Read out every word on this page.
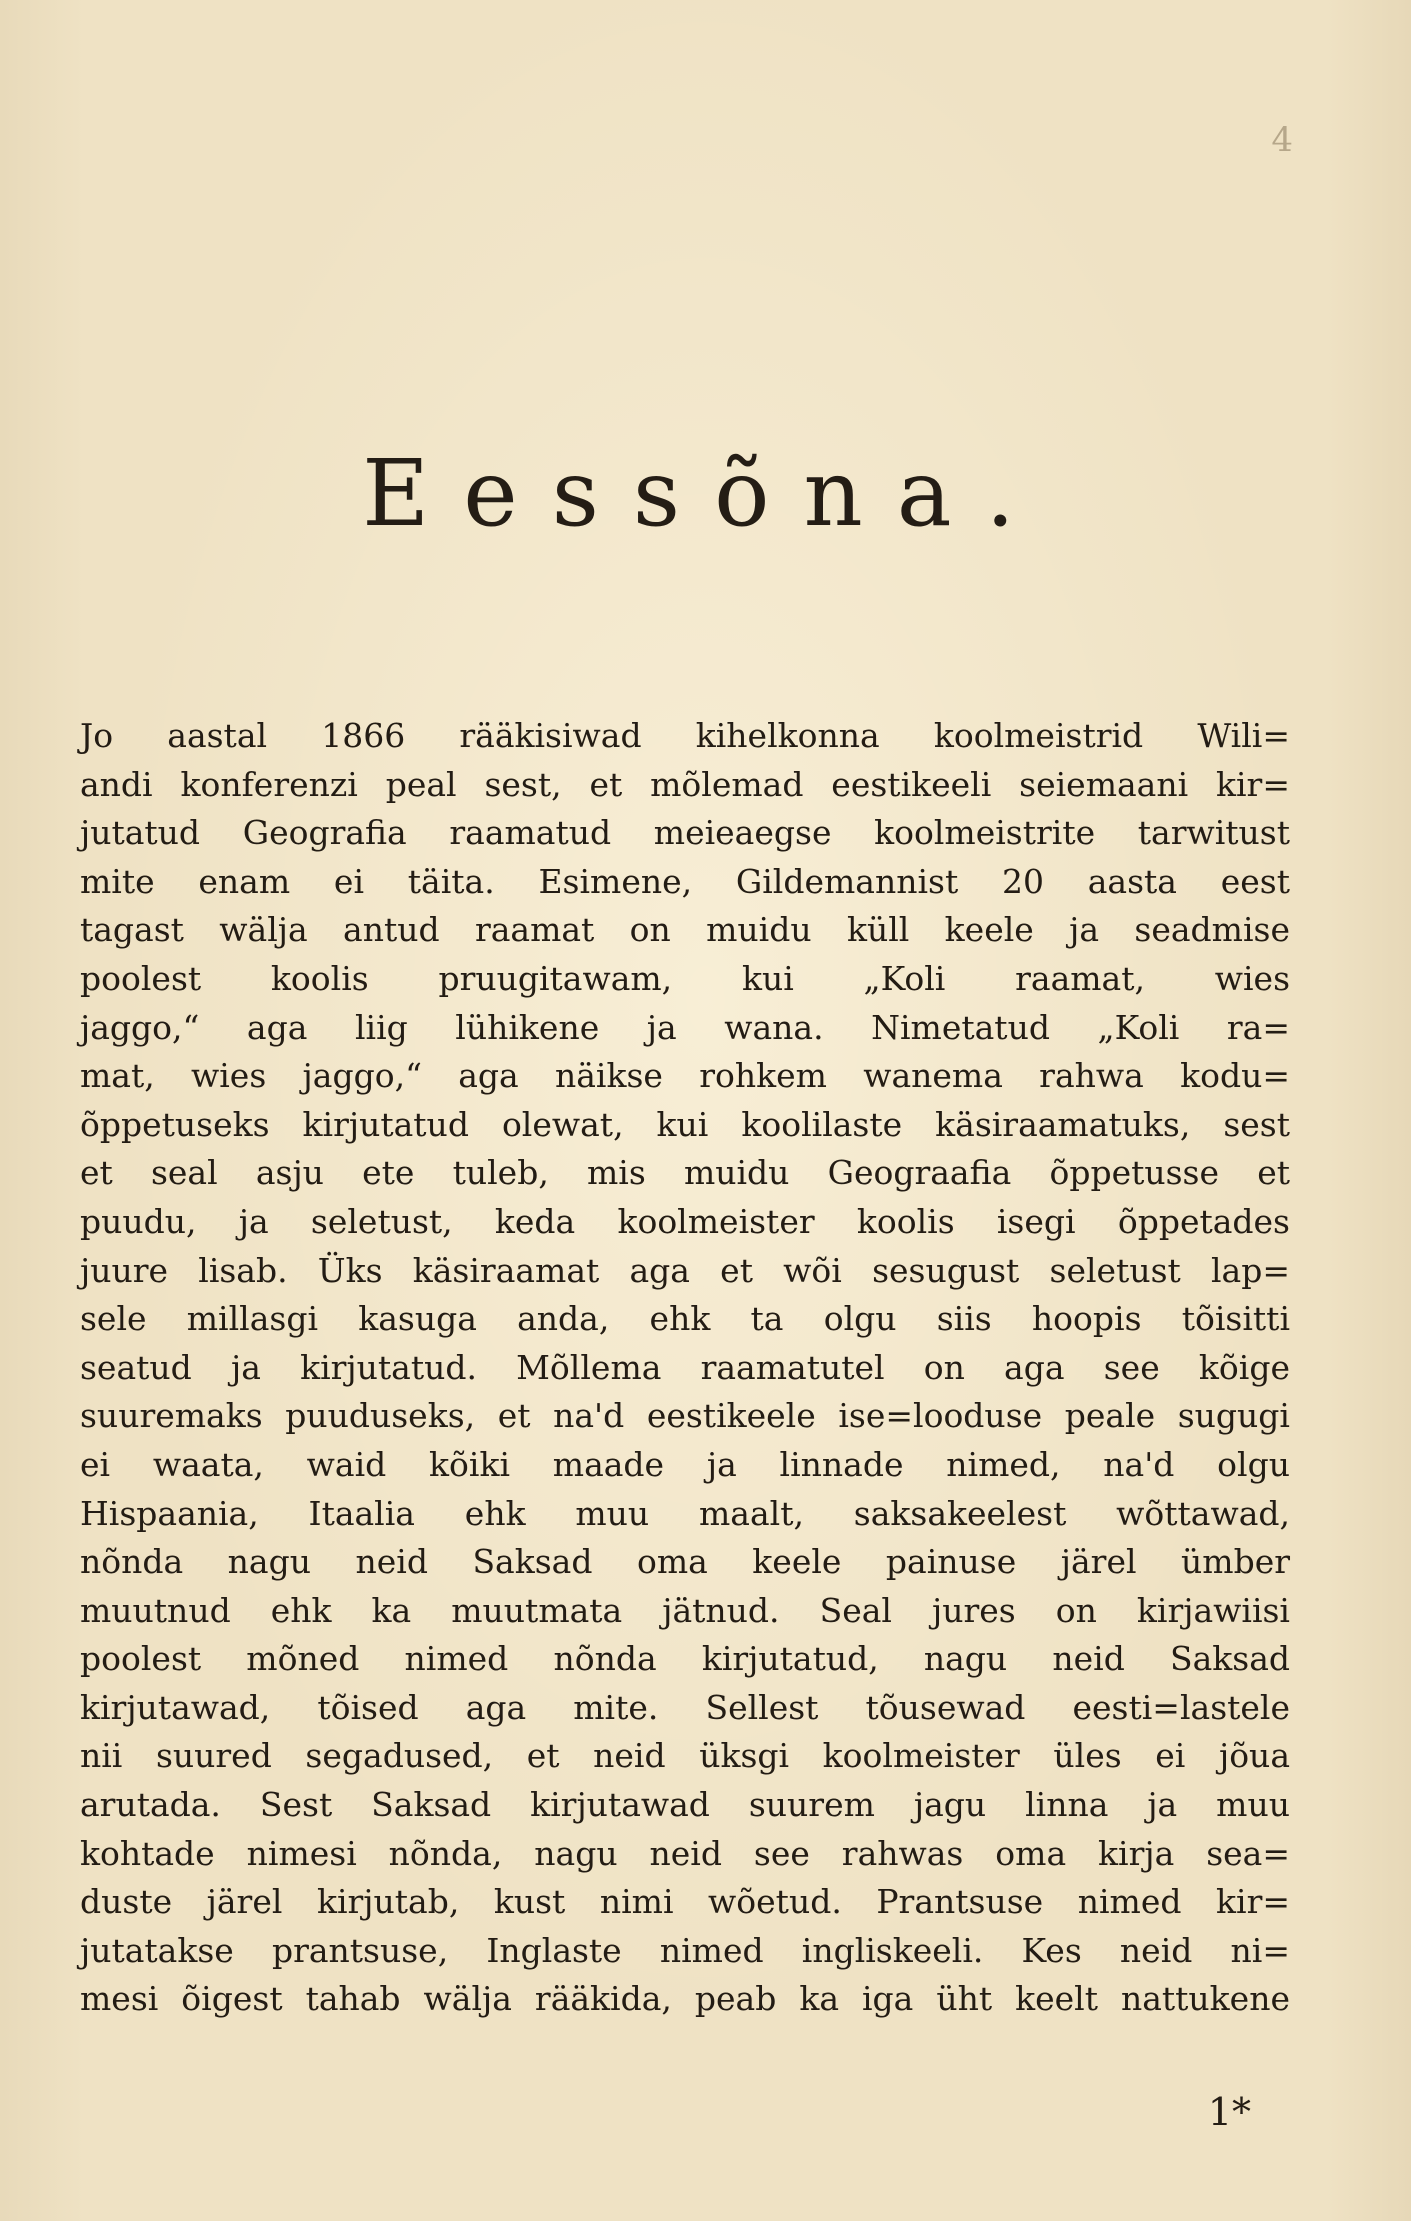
4
Eessõna.
Jo aastal 1866 rääkisiwad kihelkonna koolmeistrid Wili=
andi konferenzi peal sest, et mõlemad eestikeeli seiemaani kir=
jutatud Geografia raamatud meieaegse koolmeistrite tarwitust
mite enam ei täita. Esimene, Gildemannist 20 aasta eest
tagast wälja antud raamat on muidu küll keele ja seadmise
poolest koolis pruugitawam, kui „Koli raamat, wies
jaggo,“ aga liig lühikene ja wana. Nimetatud „Koli ra=
mat, wies jaggo,“ aga näikse rohkem wanema rahwa kodu=
õppetuseks kirjutatud olewat, kui koolilaste käsiraamatuks, sest
et seal asju ete tuleb, mis muidu Geograafia õppetusse et
puudu, ja seletust, keda koolmeister koolis isegi õppetades
juure lisab. Üks käsiraamat aga et wõi sesugust seletust lap=
sele millasgi kasuga anda, ehk ta olgu siis hoopis tõisitti
seatud ja kirjutatud. Mõllema raamatutel on aga see kõige
suuremaks puuduseks, et na'd eestikeele ise=looduse peale sugugi
ei waata, waid kõiki maade ja linnade nimed, na'd olgu
Hispaania, Itaalia ehk muu maalt, saksakeelest wõttawad,
nõnda nagu neid Saksad oma keele painuse järel ümber
muutnud ehk ka muutmata jätnud. Seal jures on kirjawiisi
poolest mõned nimed nõnda kirjutatud, nagu neid Saksad
kirjutawad, tõised aga mite. Sellest tõusewad eesti=lastele
nii suured segadused, et neid üksgi koolmeister üles ei jõua
arutada. Sest Saksad kirjutawad suurem jagu linna ja muu
kohtade nimesi nõnda, nagu neid see rahwas oma kirja sea=
duste järel kirjutab, kust nimi wõetud. Prantsuse nimed kir=
jutatakse prantsuse, Inglaste nimed ingliskeeli. Kes neid ni=
mesi õigest tahab wälja rääkida, peab ka iga üht keelt nattukene
1*
